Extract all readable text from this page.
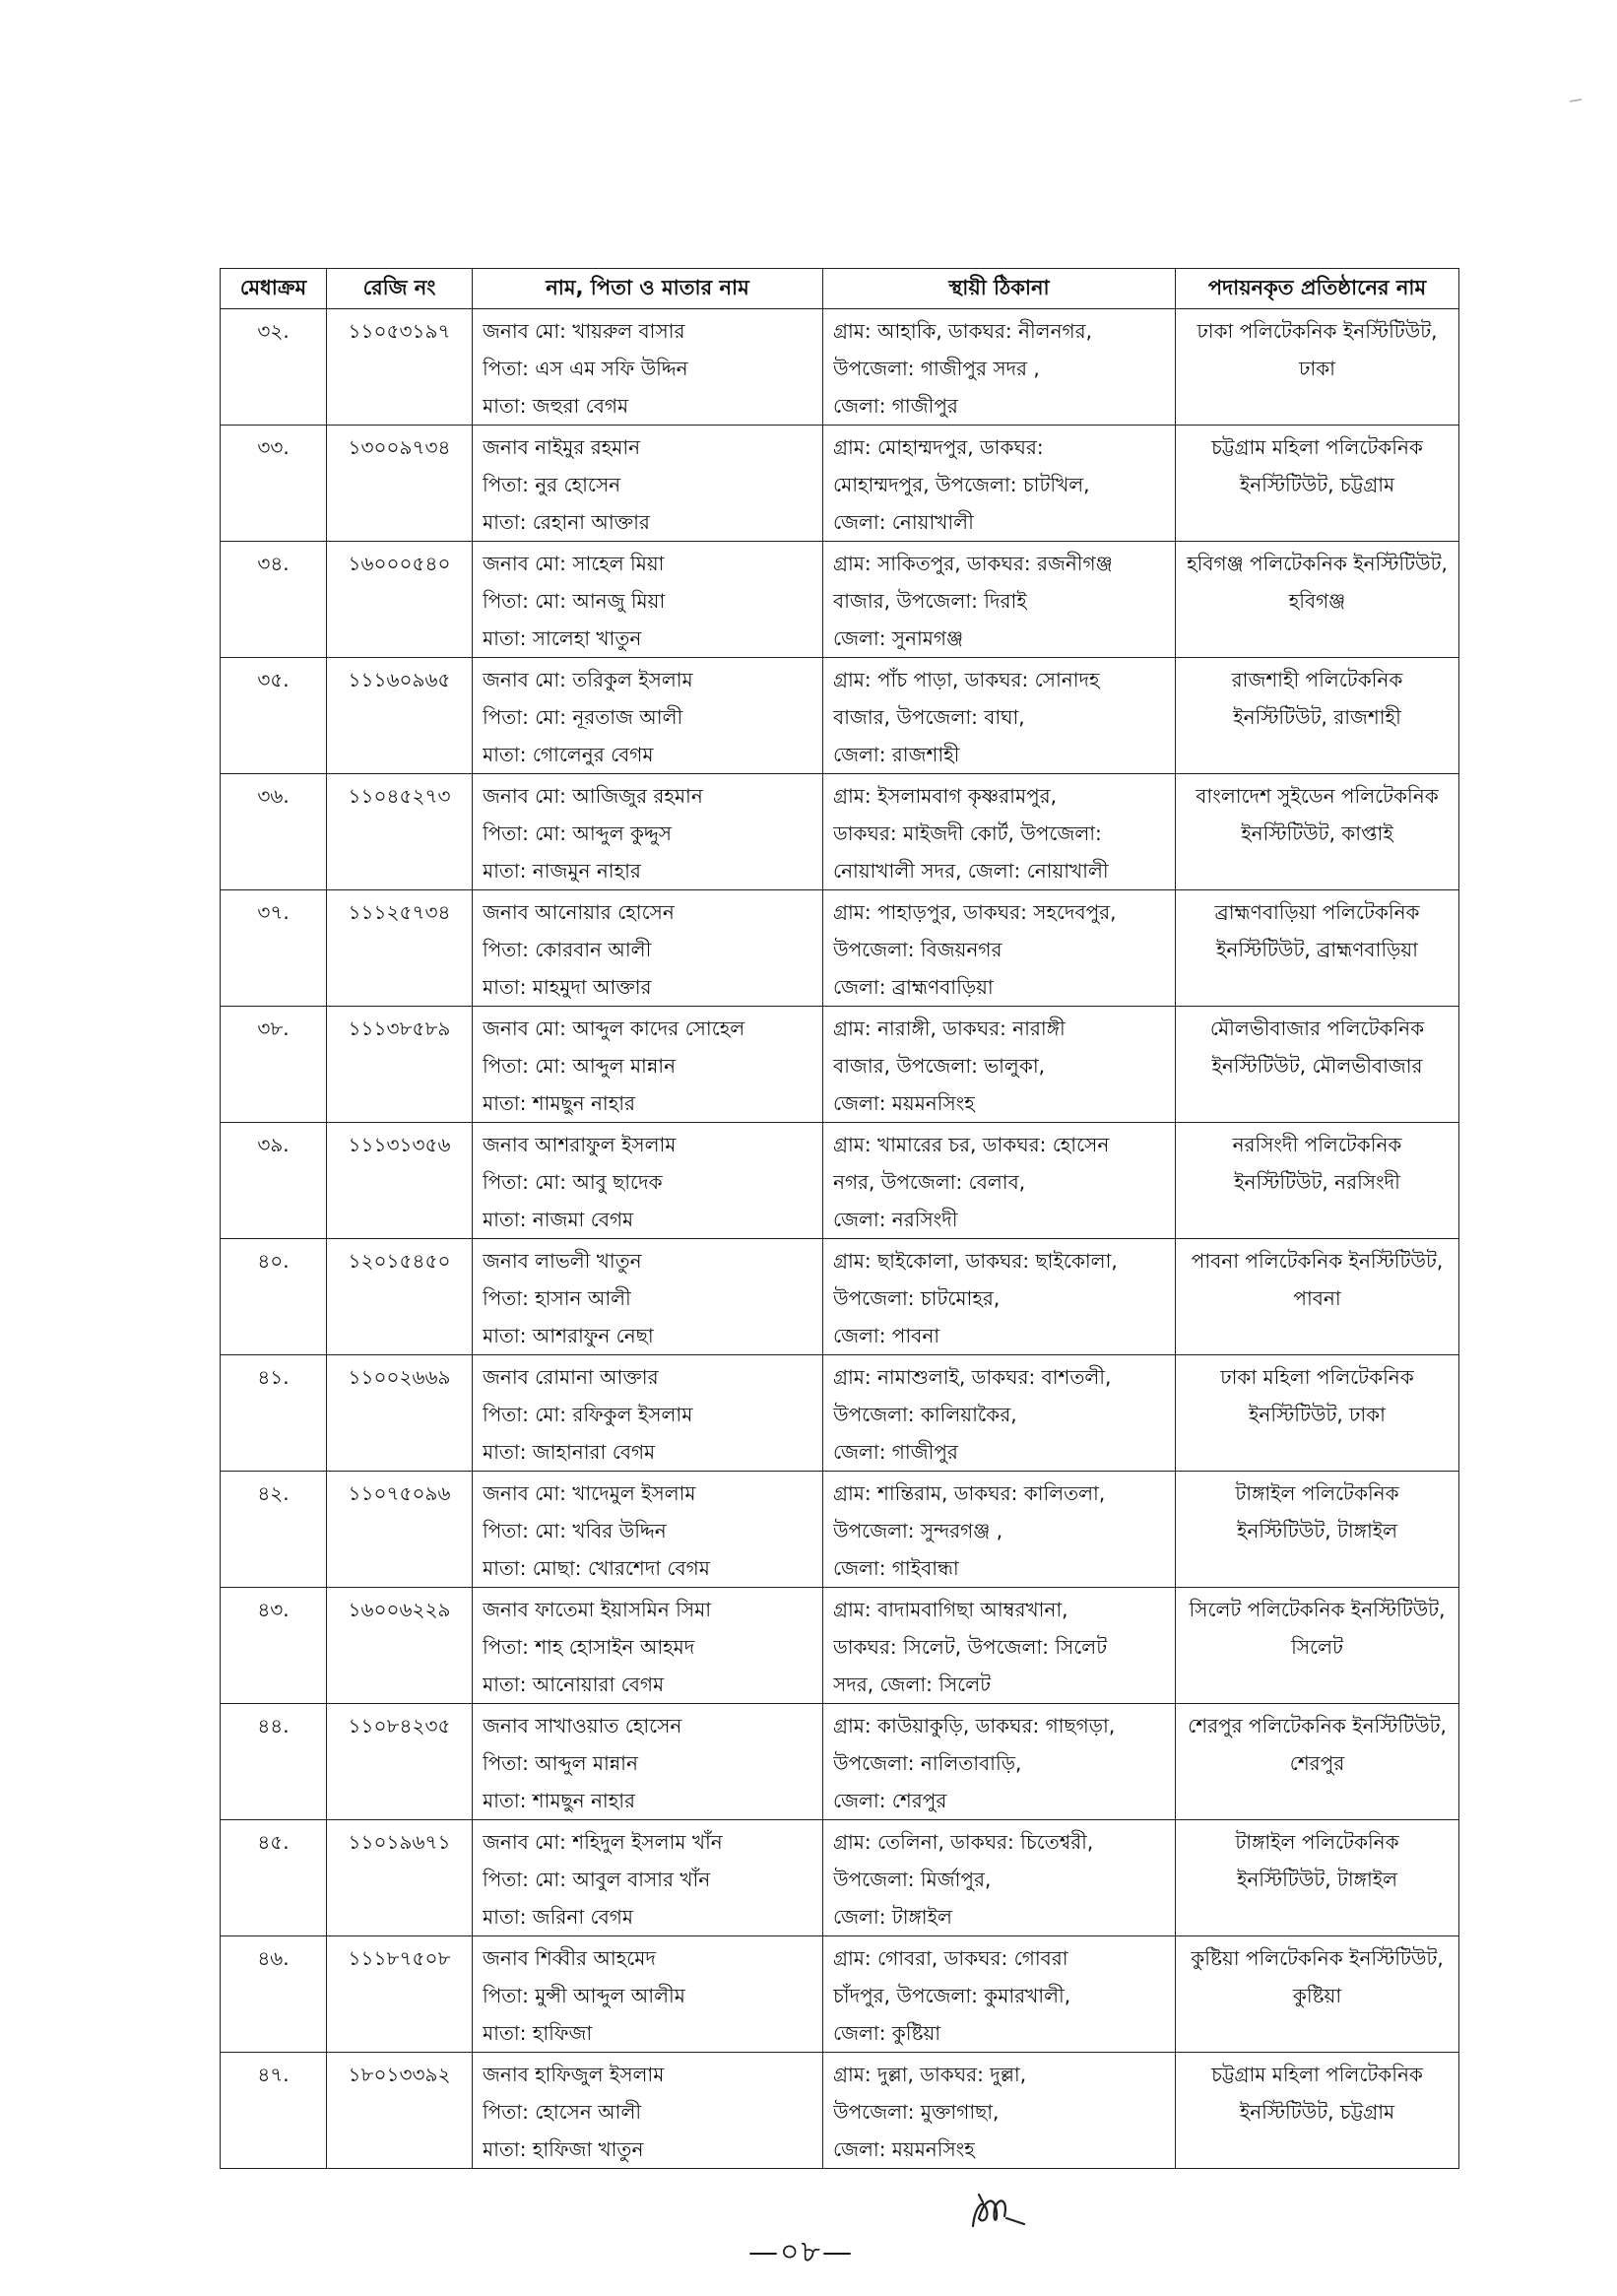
মেধাক্রম	রেজি নং	নাম, পিতা ও মাতার নাম	স্থায়ী ঠিকানা	পদায়নকৃত প্রতিষ্ঠানের নাম
৩২.	১১০৫৩১৯৭	জনাব মো: খায়রুল বাসার
পিতা: এস এম সফি উদ্দিন
মাতা: জহুরা বেগম	গ্রাম: আহাকি, ডাকঘর: নীলনগর,
উপজেলা: গাজীপুর সদর ,
জেলা: গাজীপুর	ঢাকা পলিটেকনিক ইনস্টিটিউট, ঢাকা
৩৩.	১৩০০৯৭৩৪	জনাব নাইমুর রহমান
পিতা: নুর হোসেন
মাতা: রেহানা আক্তার	গ্রাম: মোহাম্মদপুর, ডাকঘর:
মোহাম্মদপুর, উপজেলা: চাটখিল,
জেলা: নোয়াখালী	চট্টগ্রাম মহিলা পলিটেকনিক ইনস্টিটিউট, চট্টগ্রাম
৩৪.	১৬০০০৫৪০	জনাব মো: সাহেল মিয়া
পিতা: মো: আনজু মিয়া
মাতা: সালেহা খাতুন	গ্রাম: সাকিতপুর, ডাকঘর: রজনীগঞ্জ
বাজার, উপজেলা: দিরাই
জেলা: সুনামগঞ্জ	হবিগঞ্জ পলিটেকনিক ইনস্টিটিউট, হবিগঞ্জ
৩৫.	১১১৬০৯৬৫	জনাব মো: তরিকুল ইসলাম
পিতা: মো: নূরতাজ আলী
মাতা: গোলেনুর বেগম	গ্রাম: পাঁচ পাড়া, ডাকঘর: সোনাদহ
বাজার, উপজেলা: বাঘা,
জেলা: রাজশাহী	রাজশাহী পলিটেকনিক ইনস্টিটিউট, রাজশাহী
৩৬.	১১০৪৫২৭৩	জনাব মো: আজিজুর রহমান
পিতা: মো: আব্দুল কুদ্দুস
মাতা: নাজমুন নাহার	গ্রাম: ইসলামবাগ কৃষ্ণরামপুর,
ডাকঘর: মাইজদী কোর্ট, উপজেলা:
নোয়াখালী সদর, জেলা: নোয়াখালী	বাংলাদেশ সুইডেন পলিটেকনিক ইনস্টিটিউট, কাপ্তাই
৩৭.	১১১২৫৭৩৪	জনাব আনোয়ার হোসেন
পিতা: কোরবান আলী
মাতা: মাহমুদা আক্তার	গ্রাম: পাহাড়পুর, ডাকঘর: সহদেবপুর,
উপজেলা: বিজয়নগর
জেলা: ব্রাহ্মণবাড়িয়া	ব্রাহ্মণবাড়িয়া পলিটেকনিক ইনস্টিটিউট, ব্রাহ্মণবাড়িয়া
৩৮.	১১১৩৮৫৮৯	জনাব মো: আব্দুল কাদের সোহেল
পিতা: মো: আব্দুল মান্নান
মাতা: শামছুন নাহার	গ্রাম: নারাঙ্গী, ডাকঘর: নারাঙ্গী
বাজার, উপজেলা: ভালুকা,
জেলা: ময়মনসিংহ	মৌলভীবাজার পলিটেকনিক ইনস্টিটিউট, মৌলভীবাজার
৩৯.	১১১৩১৩৫৬	জনাব আশরাফুল ইসলাম
পিতা: মো: আবু ছাদেক
মাতা: নাজমা বেগম	গ্রাম: খামারের চর, ডাকঘর: হোসেন
নগর, উপজেলা: বেলাব,
জেলা: নরসিংদী	নরসিংদী পলিটেকনিক ইনস্টিটিউট, নরসিংদী
৪০.	১২০১৫৪৫০	জনাব লাভলী খাতুন
পিতা: হাসান আলী
মাতা: আশরাফুন নেছা	গ্রাম: ছাইকোলা, ডাকঘর: ছাইকোলা,
উপজেলা: চাটমোহর,
জেলা: পাবনা	পাবনা পলিটেকনিক ইনস্টিটিউট, পাবনা
৪১.	১১০০২৬৬৯	জনাব রোমানা আক্তার
পিতা: মো: রফিকুল ইসলাম
মাতা: জাহানারা বেগম	গ্রাম: নামাশুলাই, ডাকঘর: বাশতলী,
উপজেলা: কালিয়াকৈর,
জেলা: গাজীপুর	ঢাকা মহিলা পলিটেকনিক ইনস্টিটিউট, ঢাকা
৪২.	১১০৭৫০৯৬	জনাব মো: খাদেমুল ইসলাম
পিতা: মো: খবির উদ্দিন
মাতা: মোছা: খোরশেদা বেগম	গ্রাম: শান্তিরাম, ডাকঘর: কালিতলা,
উপজেলা: সুন্দরগঞ্জ ,
জেলা: গাইবান্ধা	টাঙ্গাইল পলিটেকনিক ইনস্টিটিউট, টাঙ্গাইল
৪৩.	১৬০০৬২২৯	জনাব ফাতেমা ইয়াসমিন সিমা
পিতা: শাহ হোসাইন আহমদ
মাতা: আনোয়ারা বেগম	গ্রাম: বাদামবাগিছা আম্বরখানা,
ডাকঘর: সিলেট, উপজেলা: সিলেট
সদর, জেলা: সিলেট	সিলেট পলিটেকনিক ইনস্টিটিউট, সিলেট
৪৪.	১১০৮৪২৩৫	জনাব সাখাওয়াত হোসেন
পিতা: আব্দুল মান্নান
মাতা: শামছুন নাহার	গ্রাম: কাউয়াকুড়ি, ডাকঘর: গাছগড়া,
উপজেলা: নালিতাবাড়ি,
জেলা: শেরপুর	শেরপুর পলিটেকনিক ইনস্টিটিউট, শেরপুর
৪৫.	১১০১৯৬৭১	জনাব মো: শহিদুল ইসলাম খাঁন
পিতা: মো: আবুল বাসার খাঁন
মাতা: জরিনা বেগম	গ্রাম: তেলিনা, ডাকঘর: চিতেশ্বরী,
উপজেলা: মির্জাপুর,
জেলা: টাঙ্গাইল	টাঙ্গাইল পলিটেকনিক ইনস্টিটিউট, টাঙ্গাইল
৪৬.	১১১৮৭৫০৮	জনাব শিব্বীর আহমেদ
পিতা: মুন্সী আব্দুল আলীম
মাতা: হাফিজা	গ্রাম: গোবরা, ডাকঘর: গোবরা
চাঁদপুর, উপজেলা: কুমারখালী,
জেলা: কুষ্টিয়া	কুষ্টিয়া পলিটেকনিক ইনস্টিটিউট, কুষ্টিয়া
৪৭.	১৮০১৩৩৯২	জনাব হাফিজুল ইসলাম
পিতা: হোসেন আলী
মাতা: হাফিজা খাতুন	গ্রাম: দুল্লা, ডাকঘর: দুল্লা,
উপজেলা: মুক্তাগাছা,
জেলা: ময়মনসিংহ	চট্টগ্রাম মহিলা পলিটেকনিক ইনস্টিটিউট, চট্টগ্রাম
—০৮—
